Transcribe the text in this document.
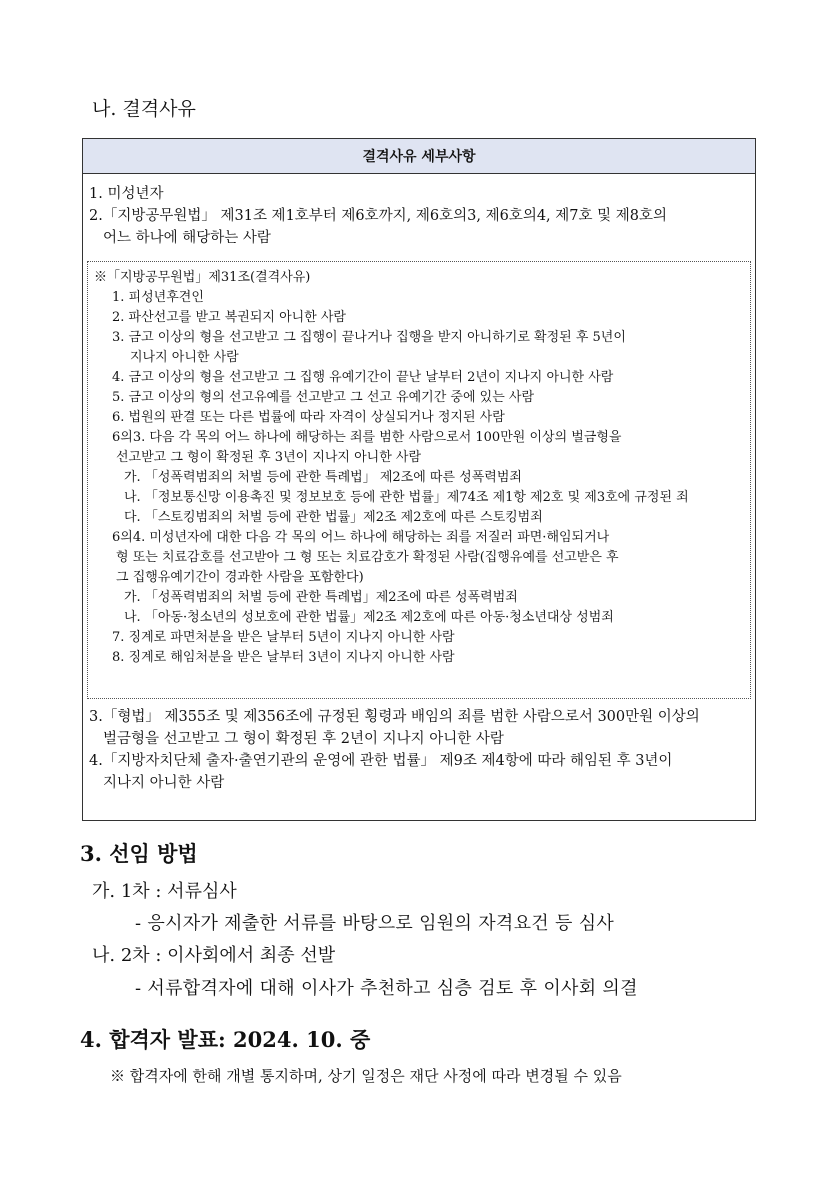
나. 결격사유
결격사유 세부사항
1. 미성년자
2.「지방공무원법」 제31조 제1호부터 제6호까지, 제6호의3, 제6호의4, 제7호 및 제8호의
어느 하나에 해당하는 사람
※「지방공무원법」제31조(결격사유)
1. 피성년후견인
2. 파산선고를 받고 복권되지 아니한 사람
3. 금고 이상의 형을 선고받고 그 집행이 끝나거나 집행을 받지 아니하기로 확정된 후 5년이
지나지 아니한 사람
4. 금고 이상의 형을 선고받고 그 집행 유예기간이 끝난 날부터 2년이 지나지 아니한 사람
5. 금고 이상의 형의 선고유예를 선고받고 그 선고 유예기간 중에 있는 사람
6. 법원의 판결 또는 다른 법률에 따라 자격이 상실되거나 정지된 사람
6의3. 다음 각 목의 어느 하나에 해당하는 죄를 범한 사람으로서 100만원 이상의 벌금형을
선고받고 그 형이 확정된 후 3년이 지나지 아니한 사람
가. 「성폭력범죄의 처벌 등에 관한 특례법」 제2조에 따른 성폭력범죄
나. 「정보통신망 이용촉진 및 정보보호 등에 관한 법률」제74조 제1항 제2호 및 제3호에 규정된 죄
다. 「스토킹범죄의 처벌 등에 관한 법률」제2조 제2호에 따른 스토킹범죄
6의4. 미성년자에 대한 다음 각 목의 어느 하나에 해당하는 죄를 저질러 파면·해임되거나
형 또는 치료감호를 선고받아 그 형 또는 치료감호가 확정된 사람(집행유예를 선고받은 후
그 집행유예기간이 경과한 사람을 포함한다)
가. 「성폭력범죄의 처벌 등에 관한 특례법」제2조에 따른 성폭력범죄
나. 「아동·청소년의 성보호에 관한 법률」제2조 제2호에 따른 아동·청소년대상 성범죄
7. 징계로 파면처분을 받은 날부터 5년이 지나지 아니한 사람
8. 징계로 해임처분을 받은 날부터 3년이 지나지 아니한 사람
3.「형법」 제355조 및 제356조에 규정된 횡령과 배임의 죄를 범한 사람으로서 300만원 이상의
벌금형을 선고받고 그 형이 확정된 후 2년이 지나지 아니한 사람
4.「지방자치단체 출자·출연기관의 운영에 관한 법률」 제9조 제4항에 따라 해임된 후 3년이
지나지 아니한 사람
3. 선임 방법
가. 1차 : 서류심사
- 응시자가 제출한 서류를 바탕으로 임원의 자격요건 등 심사
나. 2차 : 이사회에서 최종 선발
- 서류합격자에 대해 이사가 추천하고 심층 검토 후 이사회 의결
4. 합격자 발표: 2024. 10. 중
※ 합격자에 한해 개별 통지하며, 상기 일정은 재단 사정에 따라 변경될 수 있음
